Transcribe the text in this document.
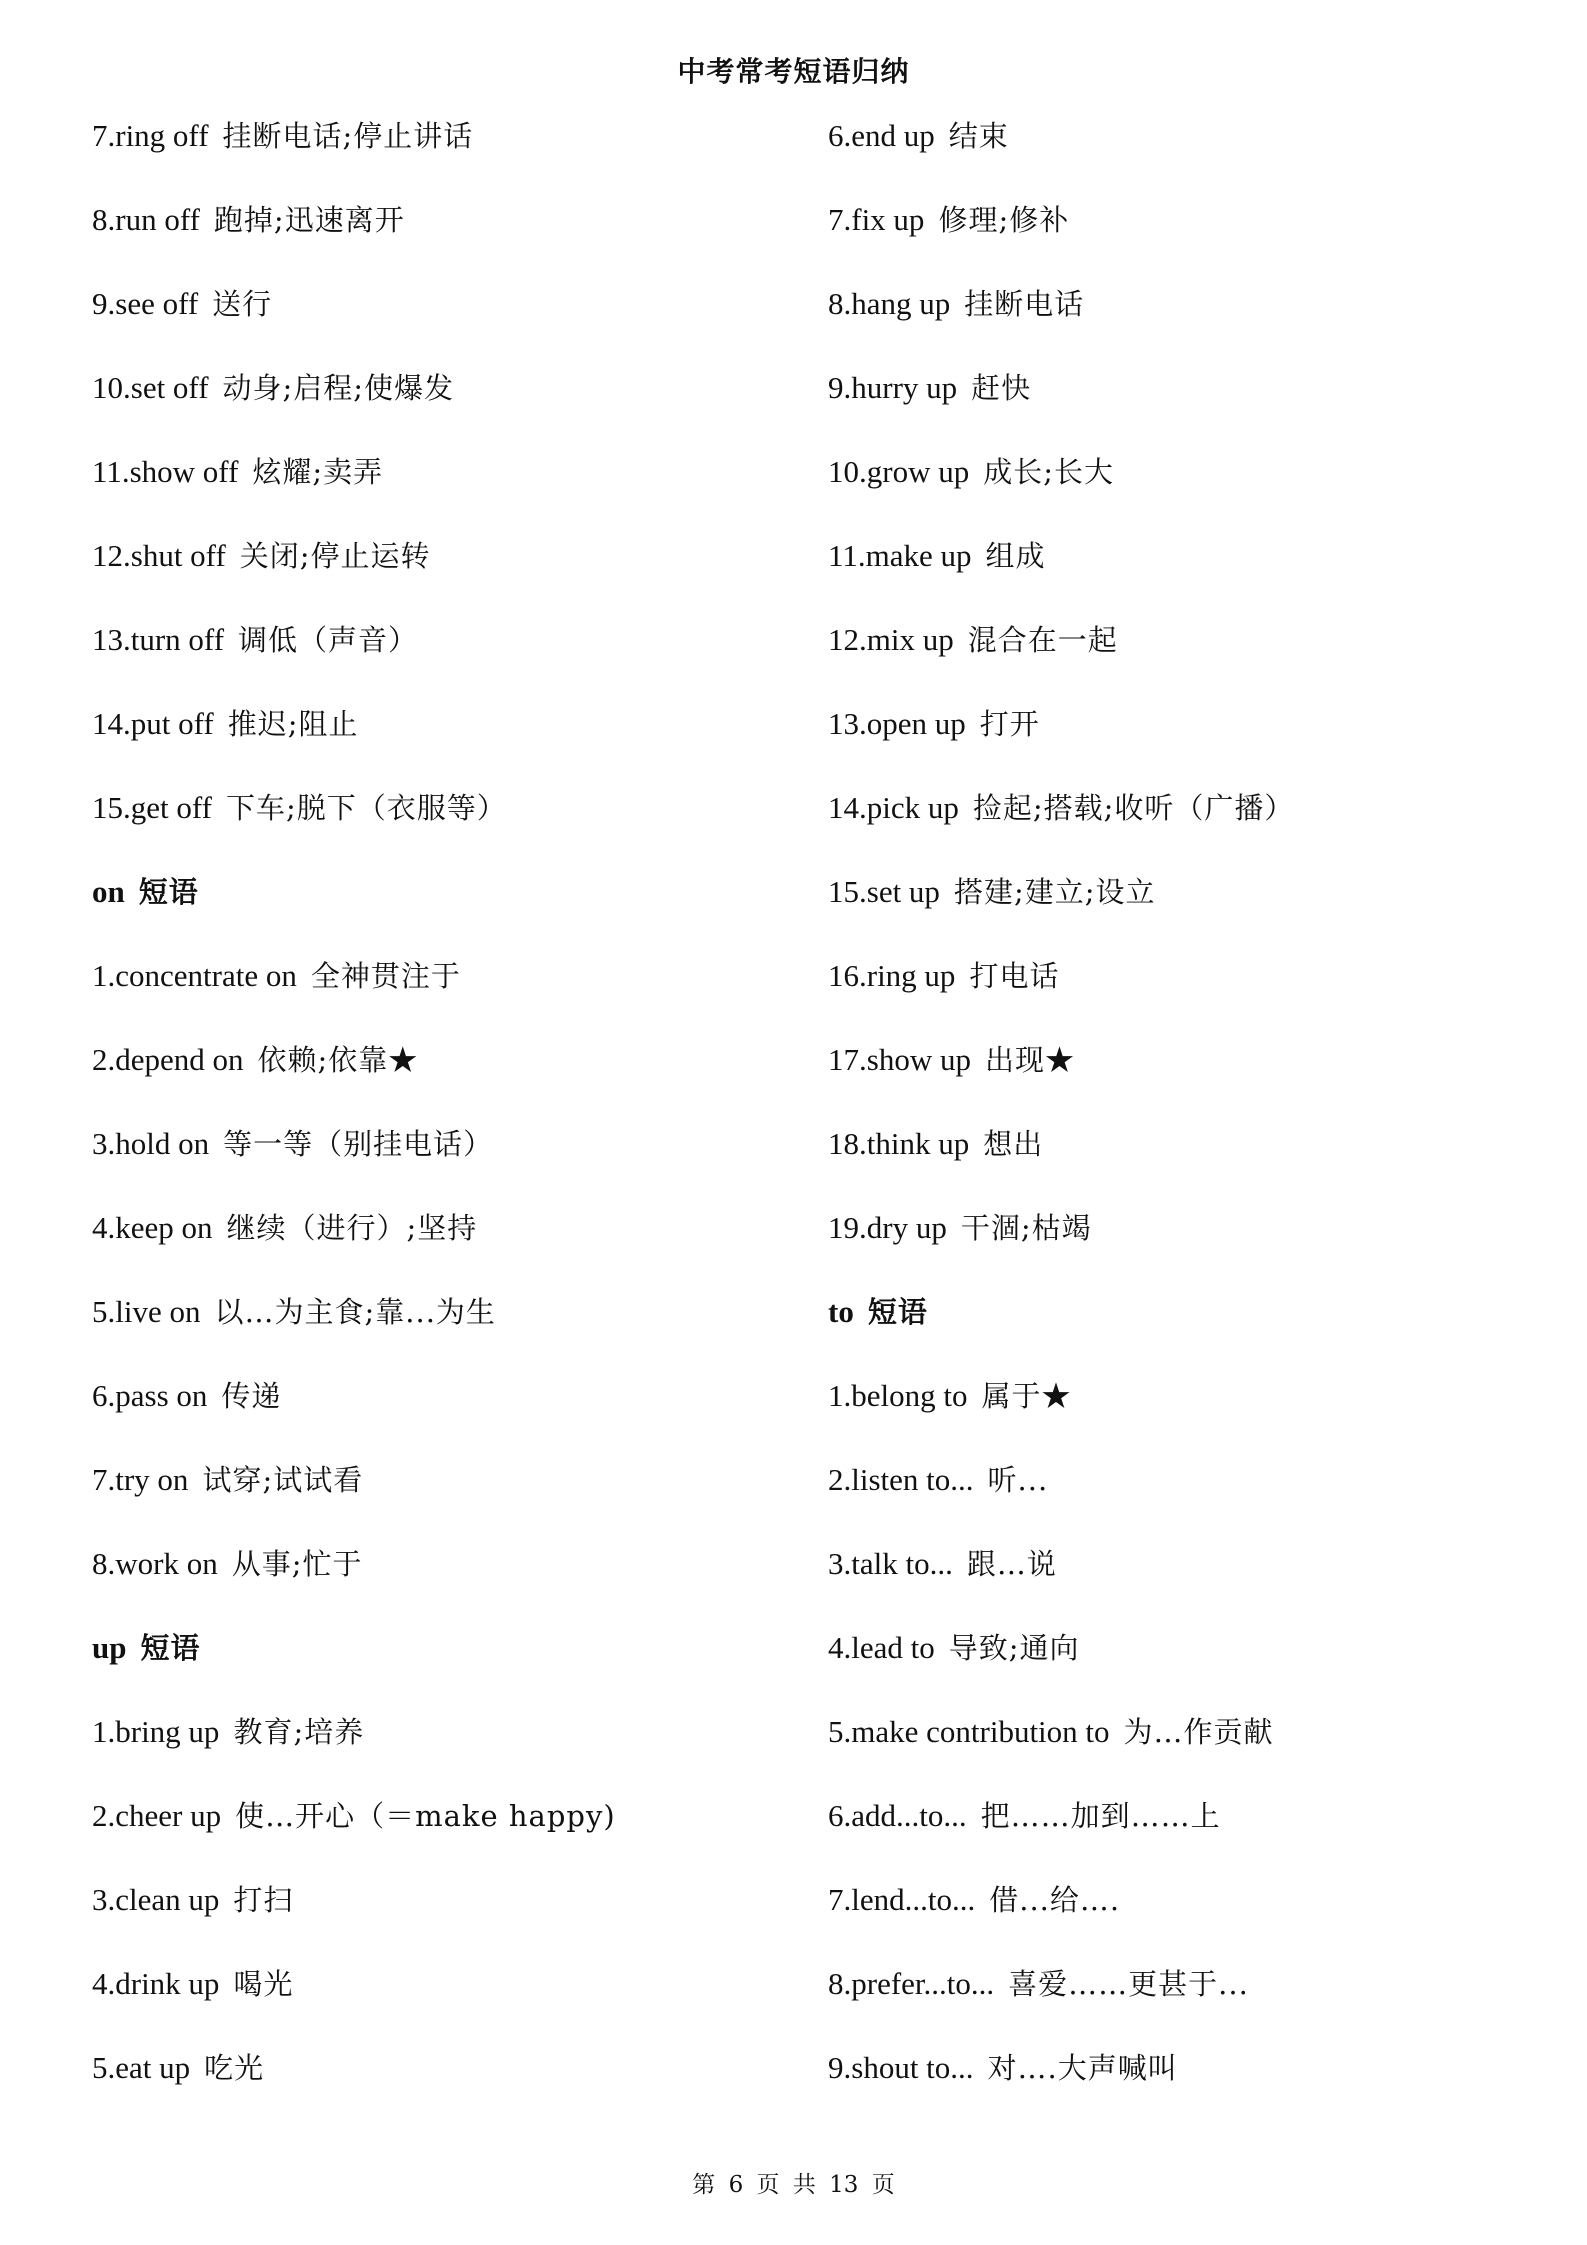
中考常考短语归纳
7.ring off 挂断电话;停止讲话
8.run off 跑掉;迅速离开
9.see off 送行
10.set off 动身;启程;使爆发
11.show off 炫耀;卖弄
12.shut off 关闭;停止运转
13.turn off 调低（声音）
14.put off 推迟;阻止
15.get off 下车;脱下（衣服等）
on 短语
1.concentrate on 全神贯注于
2.depend on 依赖;依靠★
3.hold on 等一等（别挂电话）
4.keep on 继续（进行）;坚持
5.live on 以…为主食;靠...为生
6.pass on 传递
7.try on 试穿;试试看
8.work on 从事;忙于
up 短语
1.bring up 教育;培养
2.cheer up 使…开心（＝make happy)
3.clean up 打扫
4.drink up 喝光
5.eat up 吃光
6.end up 结束
7.fix up 修理;修补
8.hang up 挂断电话
9.hurry up 赶快
10.grow up 成长;长大
11.make up 组成
12.mix up 混合在一起
13.open up 打开
14.pick up 捡起;搭载;收听（广播）
15.set up 搭建;建立;设立
16.ring up 打电话
17.show up 出现★
18.think up 想出
19.dry up 干涸;枯竭
to 短语
1.belong to 属于★
2.listen to... 听...
3.talk to... 跟…说
4.lead to 导致;通向
5.make contribution to 为…作贡献
6.add...to... 把……加到……上
7.lend...to... 借...给….
8.prefer...to... 喜爱……更甚于...
9.shout to... 对….大声喊叫
第 6 页 共 13 页
